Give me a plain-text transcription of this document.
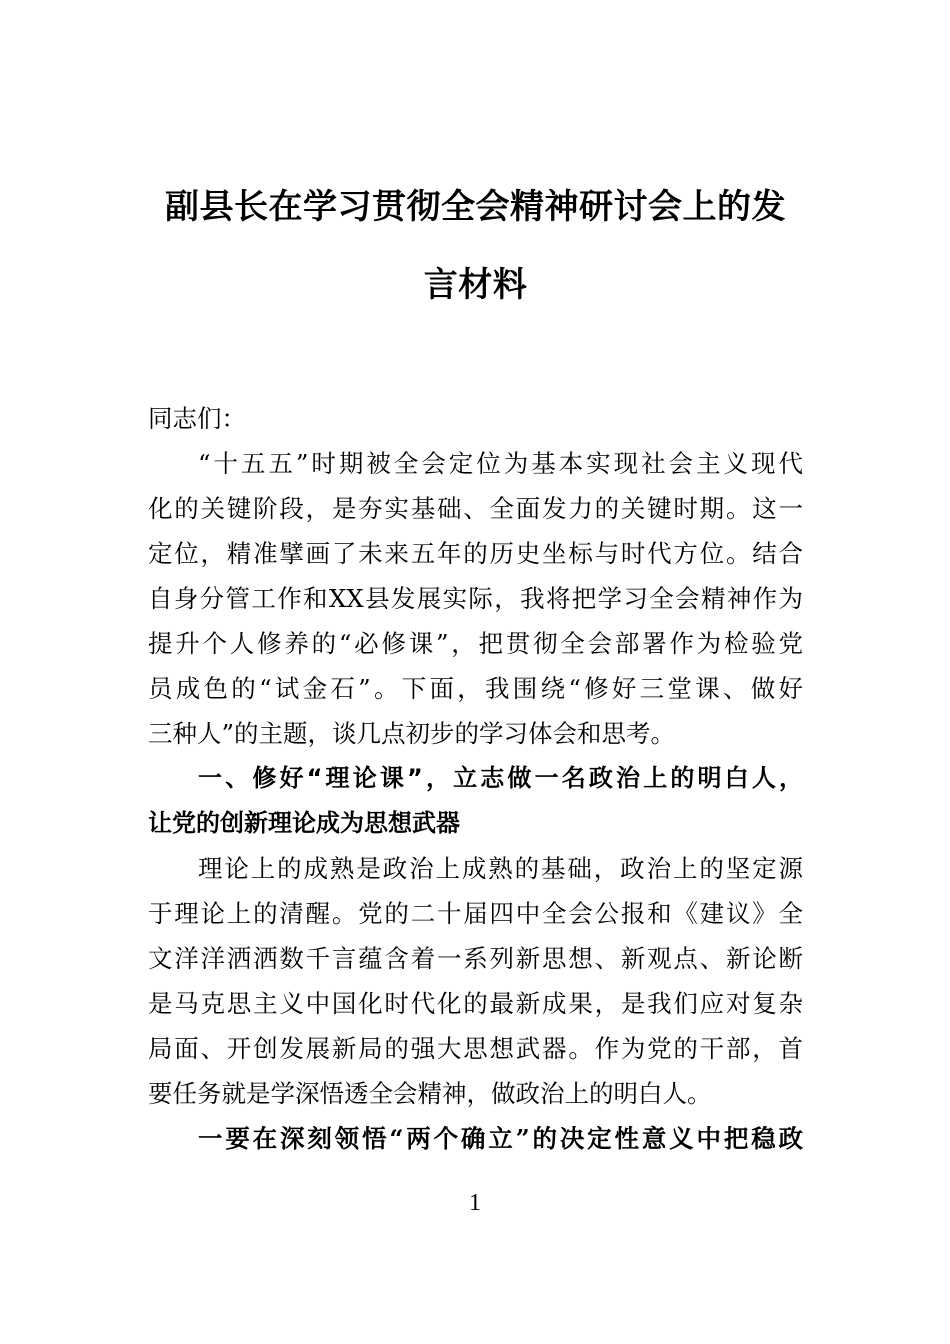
副县长在学习贯彻全会精神研讨会上的发
言材料
同志们：
“十五五”时期被全会定位为基本实现社会主义现代
化的关键阶段，是夯实基础、全面发力的关键时期。这一
定位，精准擘画了未来五年的历史坐标与时代方位。结合
自身分管工作和XX县发展实际，我将把学习全会精神作为
提升个人修养的“必修课”，把贯彻全会部署作为检验党
员成色的“试金石”。下面，我围绕“修好三堂课、做好
三种人”的主题，谈几点初步的学习体会和思考。
一、修好“理论课”，立志做一名政治上的明白人，
让党的创新理论成为思想武器
理论上的成熟是政治上成熟的基础，政治上的坚定源
于理论上的清醒。党的二十届四中全会公报和《建议》全
文洋洋洒洒数千言蕴含着一系列新思想、新观点、新论断
是马克思主义中国化时代化的最新成果，是我们应对复杂
局面、开创发展新局的强大思想武器。作为党的干部，首
要任务就是学深悟透全会精神，做政治上的明白人。
一要在深刻领悟“两个确立”的决定性意义中把稳政
1
